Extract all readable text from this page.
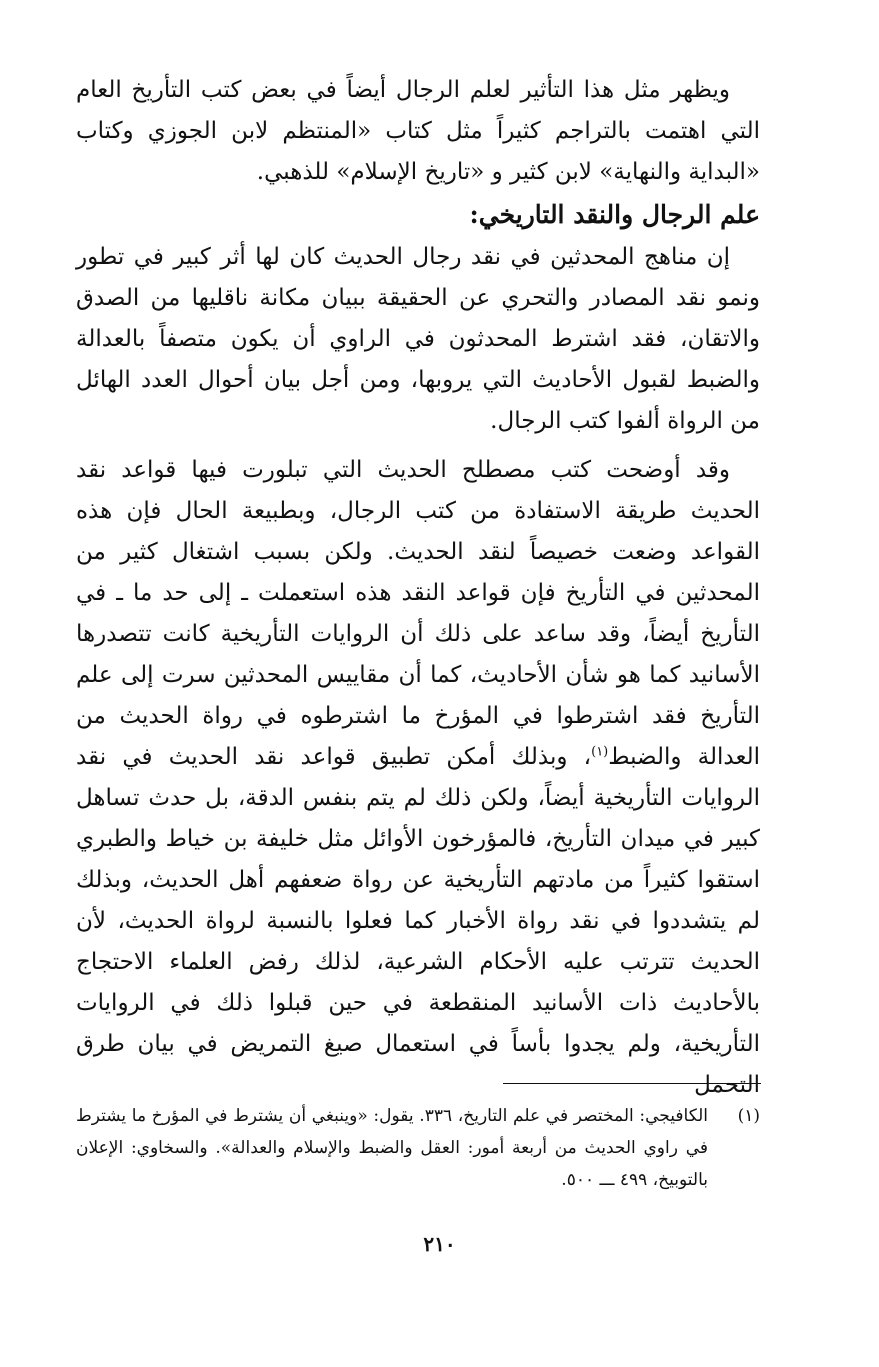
ويظهر مثل هذا التأثير لعلم الرجال أيضاً في بعض كتب التأريخ العام التي اهتمت بالتراجم كثيراً مثل كتاب «المنتظم لابن الجوزي وكتاب «البداية والنهاية» لابن كثير و «تاريخ الإسلام» للذهبي.

علم الرجال والنقد التاريخي:

إن مناهج المحدثين في نقد رجال الحديث كان لها أثر كبير في تطور ونمو نقد المصادر والتحري عن الحقيقة ببيان مكانة ناقليها من الصدق والاتقان، فقد اشترط المحدثون في الراوي أن يكون متصفاً بالعدالة والضبط لقبول الأحاديث التي يروبها، ومن أجل بيان أحوال العدد الهائل من الرواة ألفوا كتب الرجال.

وقد أوضحت كتب مصطلح الحديث التي تبلورت فيها قواعد نقد الحديث طريقة الاستفادة من كتب الرجال، وبطبيعة الحال فإن هذه القواعد وضعت خصيصاً لنقد الحديث. ولكن بسبب اشتغال كثير من المحدثين في التأريخ فإن قواعد النقد هذه استعملت ـ إلى حد ما ـ في التأريخ أيضاً، وقد ساعد على ذلك أن الروايات التأريخية كانت تتصدرها الأسانيد كما هو شأن الأحاديث، كما أن مقاييس المحدثين سرت إلى علم التأريخ فقد اشترطوا في المؤرخ ما اشترطوه في رواة الحديث من العدالة والضبط$^{(١)}$، وبذلك أمكن تطبيق قواعد نقد الحديث في نقد الروايات التأريخية أيضاً، ولكن ذلك لم يتم بنفس الدقة، بل حدث تساهل كبير في ميدان التأريخ، فالمؤرخون الأوائل مثل خليفة بن خياط والطبري استقوا كثيراً من مادتهم التأريخية عن رواة ضعفهم أهل الحديث، وبذلك لم يتشددوا في نقد رواة الأخبار كما فعلوا بالنسبة لرواة الحديث، لأن الحديث تترتب عليه الأحكام الشرعية، لذلك رفض العلماء الاحتجاج بالأحاديث ذات الأسانيد المنقطعة في حين قبلوا ذلك في الروايات التأريخية، ولم يجدوا بأساً في استعمال صيغ التمريض في بيان طرق التحمل

(١)
الكافيجي: المختصر في علم التاريخ، ٣٣٦. يقول: «وينبغي أن يشترط في المؤرخ ما يشترط في راوي الحديث من أربعة أمور: العقل والضبط والإسلام والعدالة». والسخاوي: الإعلان بالتوبيخ، ٤٩٩ ـــ ٥٠٠.
٢١٠
